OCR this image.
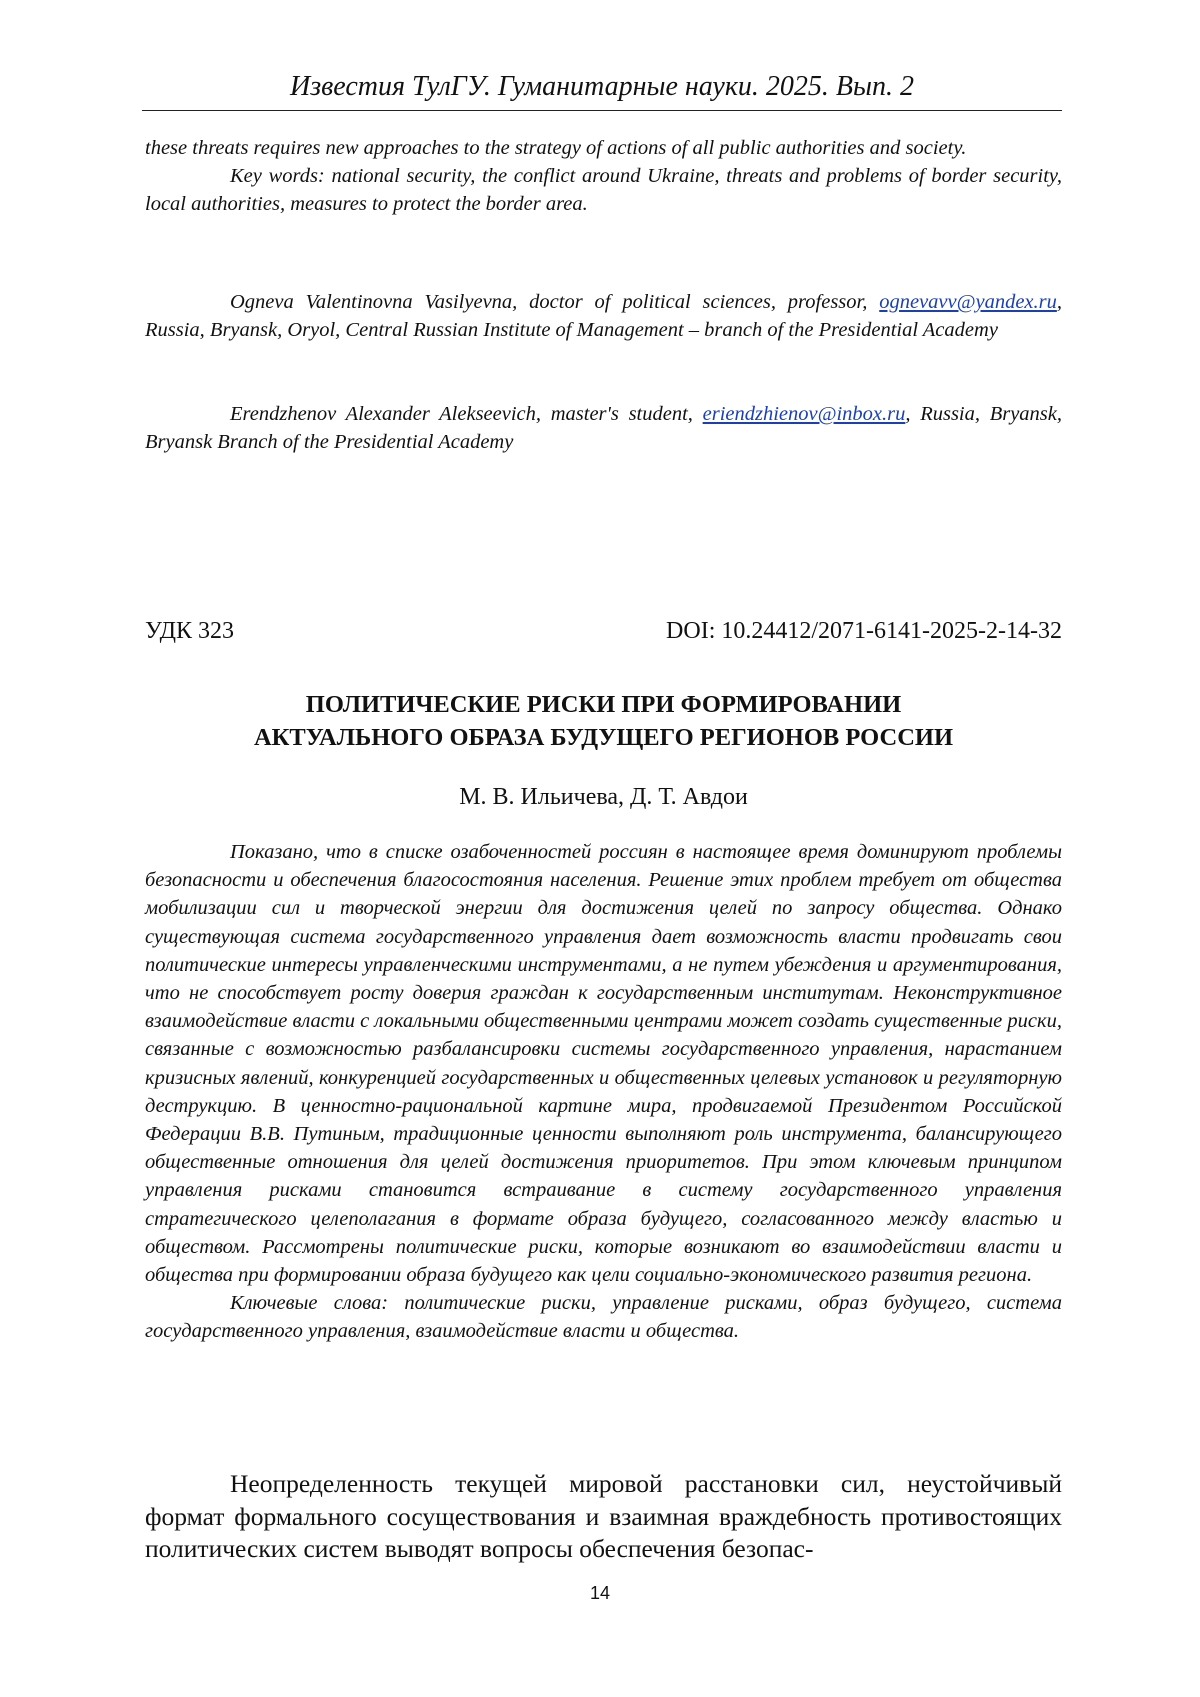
Известия ТулГУ. Гуманитарные науки. 2025. Вып. 2

these threats requires new approaches to the strategy of actions of all public authorities and society.

Key words: national security, the conflict around Ukraine, threats and problems of border security, local authorities, measures to protect the border area.

Ogneva Valentinovna Vasilyevna, doctor of political sciences, professor, ognevavv@yandex.ru, Russia, Bryansk, Oryol, Central Russian Institute of Management – branch of the Presidential Academy

Erendzhenov Alexander Alekseevich, master's student, eriendzhienov@inbox.ru, Russia, Bryansk, Bryansk Branch of the Presidential Academy

УДК 323	DOI: 10.24412/2071-6141-2025-2-14-32
ПОЛИТИЧЕСКИЕ РИСКИ ПРИ ФОРМИРОВАНИИ
АКТУАЛЬНОГО ОБРАЗА БУДУЩЕГО РЕГИОНОВ РОССИИ
М. В. Ильичева, Д. Т. Авдои

Показано, что в списке озабоченностей россиян в настоящее время доминируют проблемы безопасности и обеспечения благосостояния населения. Решение этих проблем требует от общества мобилизации сил и творческой энергии для достижения целей по запросу общества. Однако существующая система государственного управления дает возможность власти продвигать свои политические интересы управленческими инструментами, а не путем убеждения и аргументирования, что не способствует росту доверия граждан к государственным институтам. Неконструктивное взаимодействие власти с локальными общественными центрами может создать существенные риски, связанные с возможностью разбалансировки системы государственного управления, нарастанием кризисных явлений, конкуренцией государственных и общественных целевых установок и регуляторную деструкцию. В ценностно-рациональной картине мира, продвигаемой Президентом Российской Федерации В.В. Путиным, традиционные ценности выполняют роль инструмента, балансирующего общественные отношения для целей достижения приоритетов. При этом ключевым принципом управления рисками становится встраивание в систему государственного управления стратегического целеполагания в формате образа будущего, согласованного между властью и обществом. Рассмотрены политические риски, которые возникают во взаимодействии власти и общества при формировании образа будущего как цели социально-экономического развития региона.

Ключевые слова: политические риски, управление рисками, образ будущего, система государственного управления, взаимодействие власти и общества.

Неопределенность текущей мировой расстановки сил, неустойчивый формат формального сосуществования и взаимная враждебность противостоящих политических систем выводят вопросы обеспечения безопас-

14
